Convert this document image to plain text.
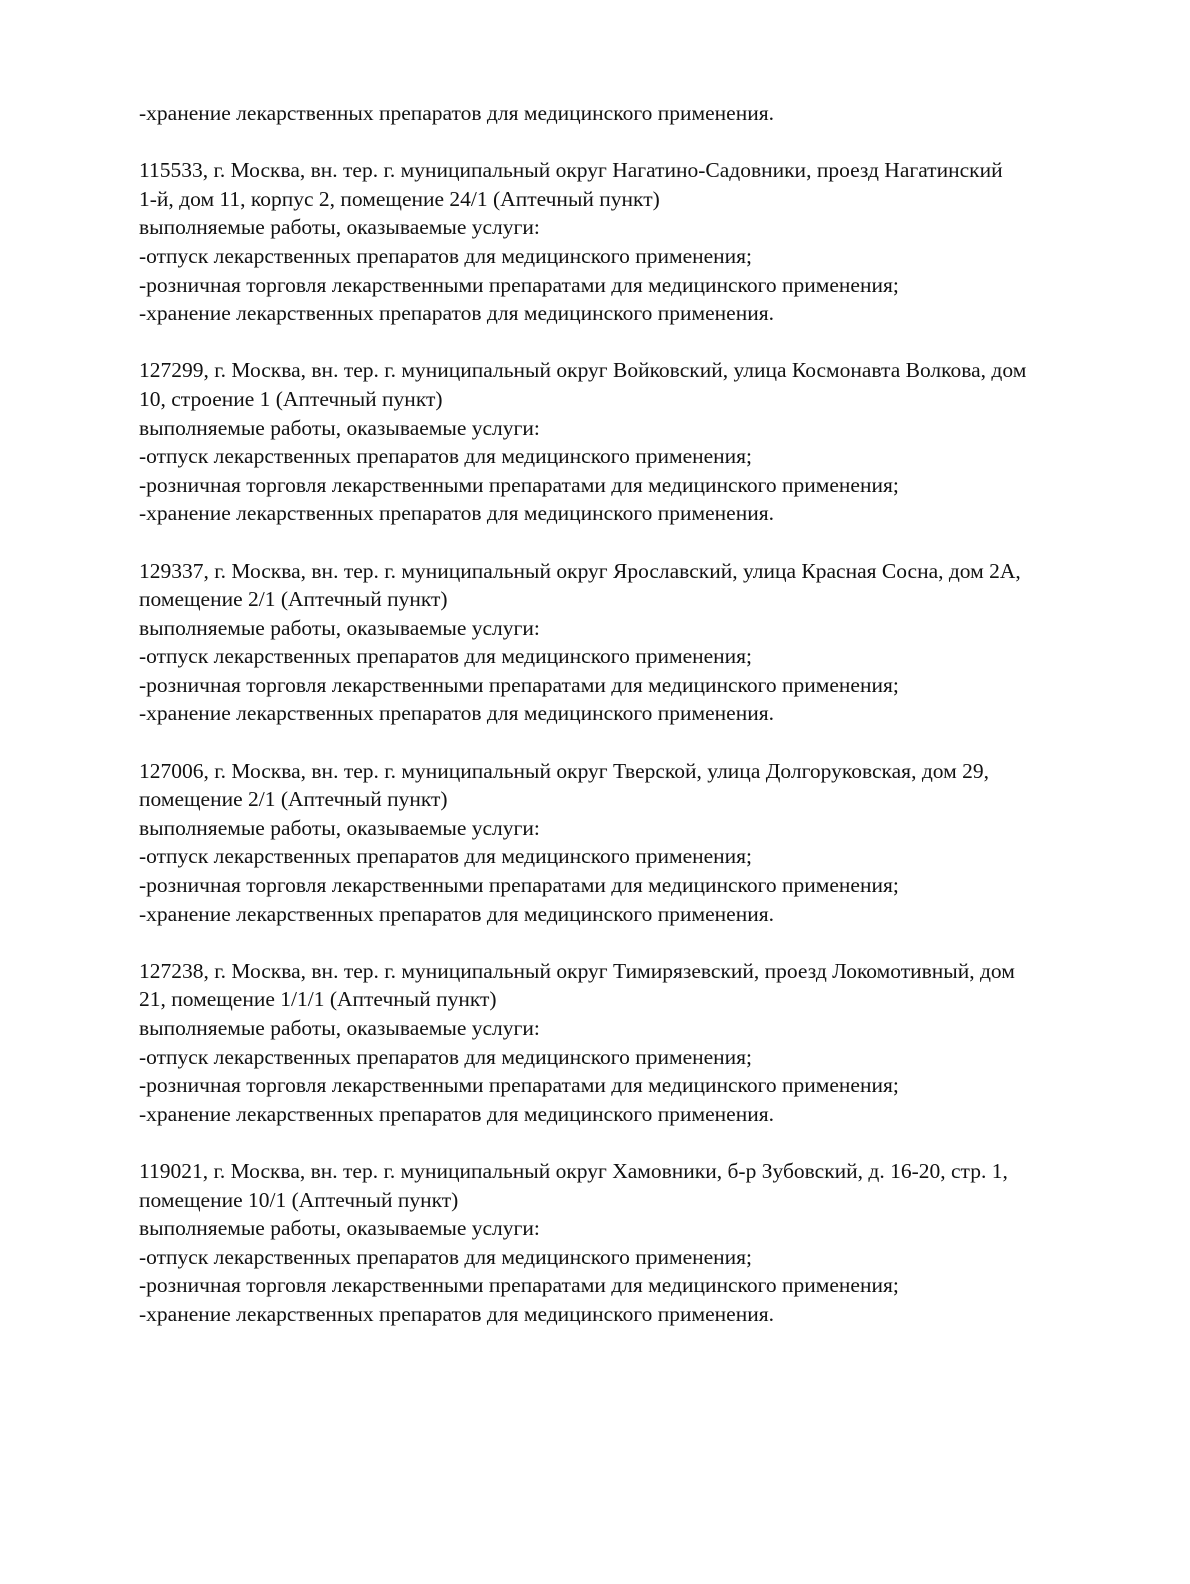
-хранение лекарственных препаратов для медицинского применения.

115533, г. Москва, вн. тер. г. муниципальный округ Нагатино-Садовники, проезд Нагатинский

1-й, дом 11, корпус 2, помещение 24/1 (Аптечный пункт)

выполняемые работы, оказываемые услуги:

-отпуск лекарственных препаратов для медицинского применения;

-розничная торговля лекарственными препаратами для медицинского применения;

-хранение лекарственных препаратов для медицинского применения.

127299, г. Москва, вн. тер. г. муниципальный округ Войковский, улица Космонавта Волкова, дом

10, строение 1 (Аптечный пункт)

выполняемые работы, оказываемые услуги:

-отпуск лекарственных препаратов для медицинского применения;

-розничная торговля лекарственными препаратами для медицинского применения;

-хранение лекарственных препаратов для медицинского применения.

129337, г. Москва, вн. тер. г. муниципальный округ Ярославский, улица Красная Сосна, дом 2А,

помещение 2/1 (Аптечный пункт)

выполняемые работы, оказываемые услуги:

-отпуск лекарственных препаратов для медицинского применения;

-розничная торговля лекарственными препаратами для медицинского применения;

-хранение лекарственных препаратов для медицинского применения.

127006, г. Москва, вн. тер. г. муниципальный округ Тверской, улица Долгоруковская, дом 29,

помещение 2/1 (Аптечный пункт)

выполняемые работы, оказываемые услуги:

-отпуск лекарственных препаратов для медицинского применения;

-розничная торговля лекарственными препаратами для медицинского применения;

-хранение лекарственных препаратов для медицинского применения.

127238, г. Москва, вн. тер. г. муниципальный округ Тимирязевский, проезд Локомотивный, дом

21, помещение 1/1/1 (Аптечный пункт)

выполняемые работы, оказываемые услуги:

-отпуск лекарственных препаратов для медицинского применения;

-розничная торговля лекарственными препаратами для медицинского применения;

-хранение лекарственных препаратов для медицинского применения.

119021, г. Москва, вн. тер. г. муниципальный округ Хамовники, б-р Зубовский, д. 16-20, стр. 1,

помещение 10/1 (Аптечный пункт)

выполняемые работы, оказываемые услуги:

-отпуск лекарственных препаратов для медицинского применения;

-розничная торговля лекарственными препаратами для медицинского применения;

-хранение лекарственных препаратов для медицинского применения.
